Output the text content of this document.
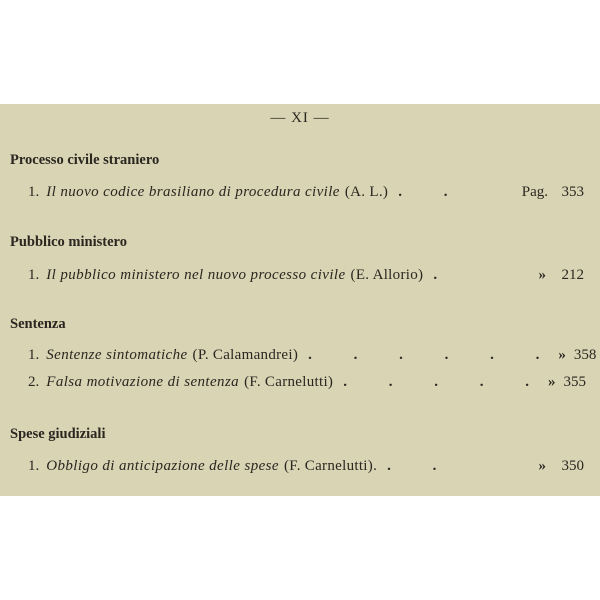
— XI —
Processo civile straniero
1. Il nuovo codice brasiliano di procedura civile (A. L.) . .	Pag. 353
Pubblico ministero
1. Il pubblico ministero nel nuovo processo civile (E. Allorio) .	»	212
Sentenza
1. Sentenze sintomatiche (P. Calamandrei) . . . . . . » 358
2. Falsa motivazione di sentenza (F. Carnelutti) . . . . . » 355
Spese giudiziali
1. Obbligo di anticipazione delle spese (F. Carnelutti). . .	»	350
